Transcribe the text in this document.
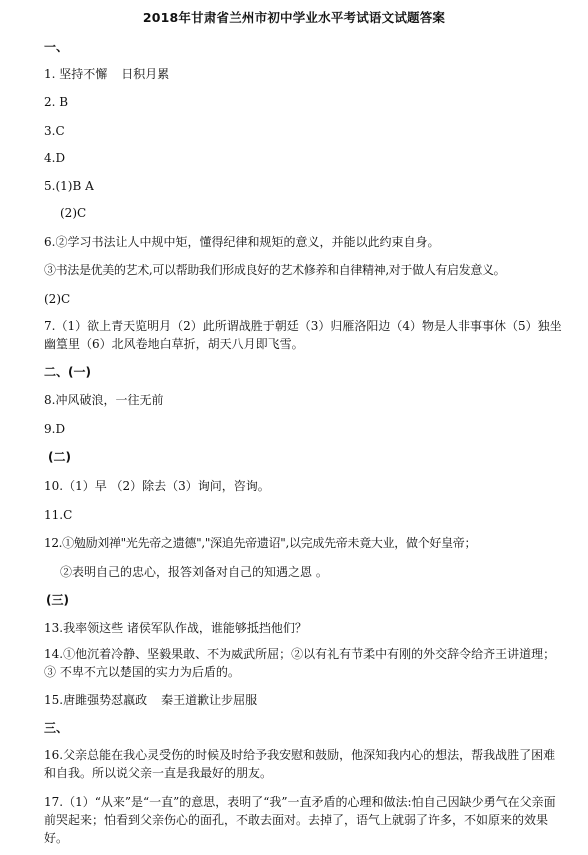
2018年甘肃省兰州市初中学业水平考试语文试题答案
一、
1. 坚持不懈 日积月累
2. B
3.C
4.D
5.(1)B A
(2)C
6.②学习书法让人中规中矩，懂得纪律和规矩的意义，并能以此约束自身。
③书法是优美的艺术,可以帮助我们形成良好的艺术修养和自律精神,对于做人有启发意义。
(2)C
7.（1）欲上青天览明月（2）此所谓战胜于朝廷（3）归雁洛阳边（4）物是人非事事休（5）独坐幽篁里（6）北风卷地白草折，胡天八月即飞雪。
二、(一)
8.冲风破浪，一往无前
9.D
(二)
10.（1）早 （2）除去（3）询问，咨询。
11.C
12.①勉励刘禅"光先帝之遗德","深追先帝遗诏",以完成先帝未竟大业，做个好皇帝；
②表明自己的忠心，报答刘备对自己的知遇之恩 。
(三)
13.我率领这些 诸侯军队作战，谁能够抵挡他们？
14.①他沉着冷静、坚毅果敢、不为威武所屈；②以有礼有节柔中有刚的外交辞令给齐王讲道理；③ 不卑不亢以楚国的实力为后盾的。
15.唐雎强势怼嬴政 秦王道歉让步屈服
三、
16.父亲总能在我心灵受伤的时候及时给予我安慰和鼓励，他深知我内心的想法，帮我战胜了困难和自我。所以说父亲一直是我最好的朋友。
17.（1）“从来”是“一直”的意思，表明了“我”一直矛盾的心理和做法:怕自己因缺少勇气在父亲面前哭起来；怕看到父亲伤心的面孔，不敢去面对。去掉了，语气上就弱了许多，不如原来的效果好。
